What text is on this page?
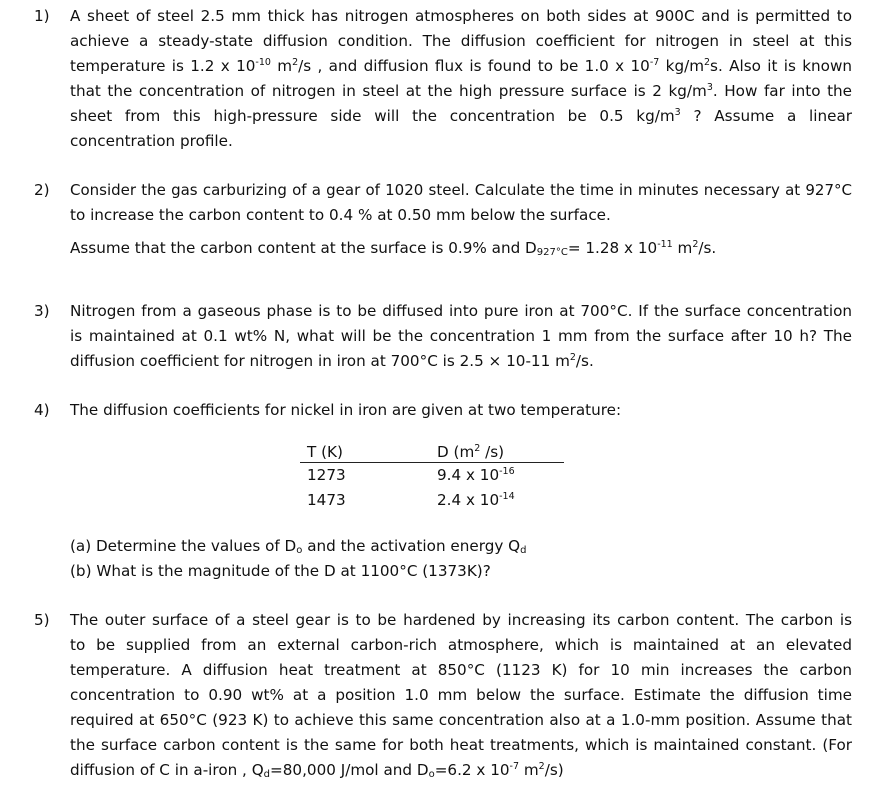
1)	A sheet of steel 2.5 mm thick has nitrogen atmospheres on both sides at 900C and is permitted to
achieve a steady-state diffusion condition. The diffusion coefficient for nitrogen in steel at this
temperature is 1.2 x $10^{-10}$ $m^2/s$ , and diffusion flux is found to be 1.0 x $10^{-7}$ $kg/m^2s$. Also it is known
that the concentration of nitrogen in steel at the high pressure surface is 2 $kg/m^3$. How far into the
sheet from this high-pressure side will the concentration be 0.5 $kg/m^3$ ? Assume a linear
concentration profile.
2)	Consider the gas carburizing of a gear of 1020 steel. Calculate the time in minutes necessary at 927°C
to increase the carbon content to 0.4 % at 0.50 mm below the surface.
Assume that the carbon content at the surface is 0.9% and $D_{927^\circ C}= 1.28$ x $10^{-11}$ $m^2/s$.
3)	Nitrogen from a gaseous phase is to be diffused into pure iron at 700°C. If the surface concentration
is maintained at 0.1 wt% N, what will be the concentration 1 mm from the surface after 10 h? The
diffusion coefficient for nitrogen in iron at 700°C is 2.5 × 10-11 $m^2/s$.
4)	The diffusion coefficients for nickel in iron are given at two temperature:
T (K)	D ($m^2$ /s)
1273	9.4 x $10^{-16}$
1473	2.4 x $10^{-14}$
(a) Determine the values of $D_o$ and the activation energy $Q_d$
(b) What is the magnitude of the D at 1100°C (1373K)?
5)	The outer surface of a steel gear is to be hardened by increasing its carbon content. The carbon is
to be supplied from an external carbon-rich atmosphere, which is maintained at an elevated
temperature. A diffusion heat treatment at 850°C (1123 K) for 10 min increases the carbon
concentration to 0.90 wt% at a position 1.0 mm below the surface. Estimate the diffusion time
required at 650°C (923 K) to achieve this same concentration also at a 1.0-mm position. Assume that
the surface carbon content is the same for both heat treatments, which is maintained constant. (For
diffusion of C in a-iron , $Q_d=80,000$ J/mol and $D_o=6.2$ x $10^{-7}$ $m^2/s$)
